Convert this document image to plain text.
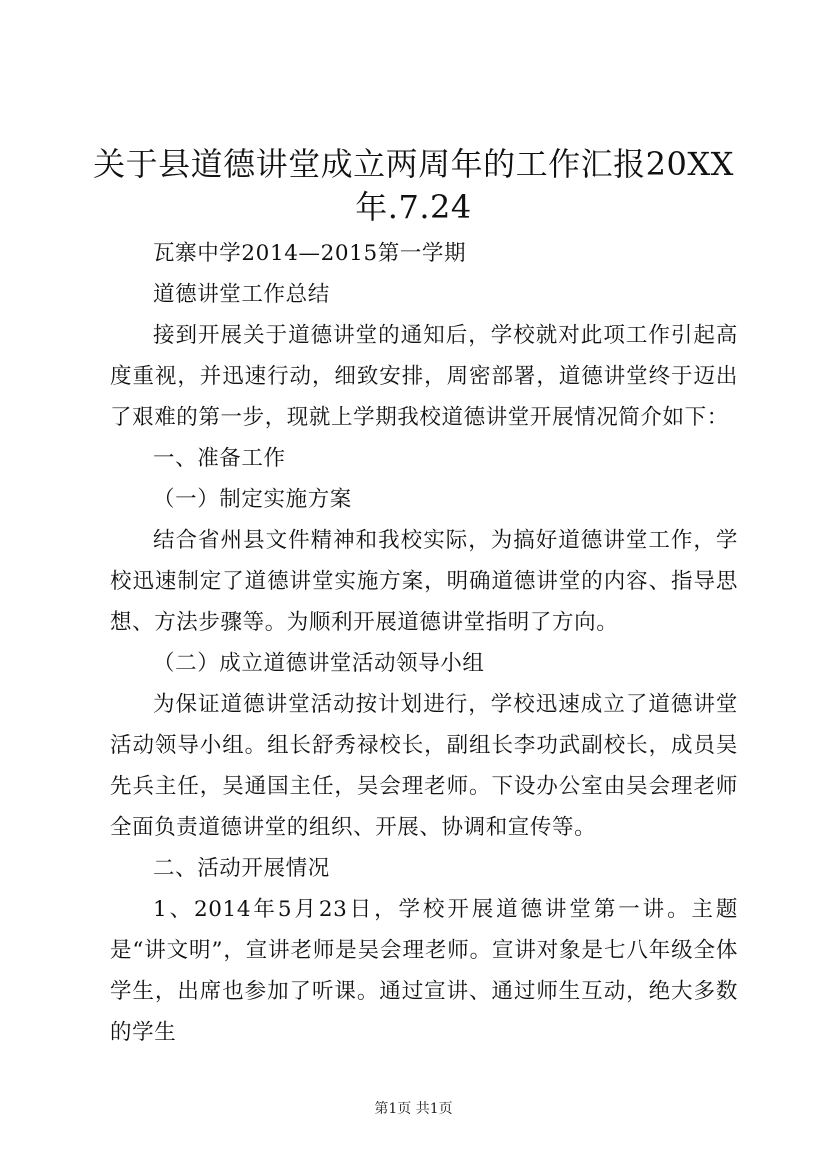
关于县道德讲堂成立两周年的工作汇报20XX年.7.24

瓦寨中学2014—2015第一学期

道德讲堂工作总结

接到开展关于道德讲堂的通知后，学校就对此项工作引起高度重视，并迅速行动，细致安排，周密部署，道德讲堂终于迈出了艰难的第一步，现就上学期我校道德讲堂开展情况简介如下：

一、准备工作

（一）制定实施方案

结合省州县文件精神和我校实际，为搞好道德讲堂工作，学校迅速制定了道德讲堂实施方案，明确道德讲堂的内容、指导思想、方法步骤等。为顺利开展道德讲堂指明了方向。

（二）成立道德讲堂活动领导小组

为保证道德讲堂活动按计划进行，学校迅速成立了道德讲堂活动领导小组。组长舒秀禄校长，副组长李功武副校长，成员吴先兵主任，吴通国主任，吴会理老师。下设办公室由吴会理老师全面负责道德讲堂的组织、开展、协调和宣传等。

二、活动开展情况

1、2014年5月23日，学校开展道德讲堂第一讲。主题是“讲文明”，宣讲老师是吴会理老师。宣讲对象是七八年级全体学生，出席也参加了听课。通过宣讲、通过师生互动，绝大多数的学生

第1页 共1页
